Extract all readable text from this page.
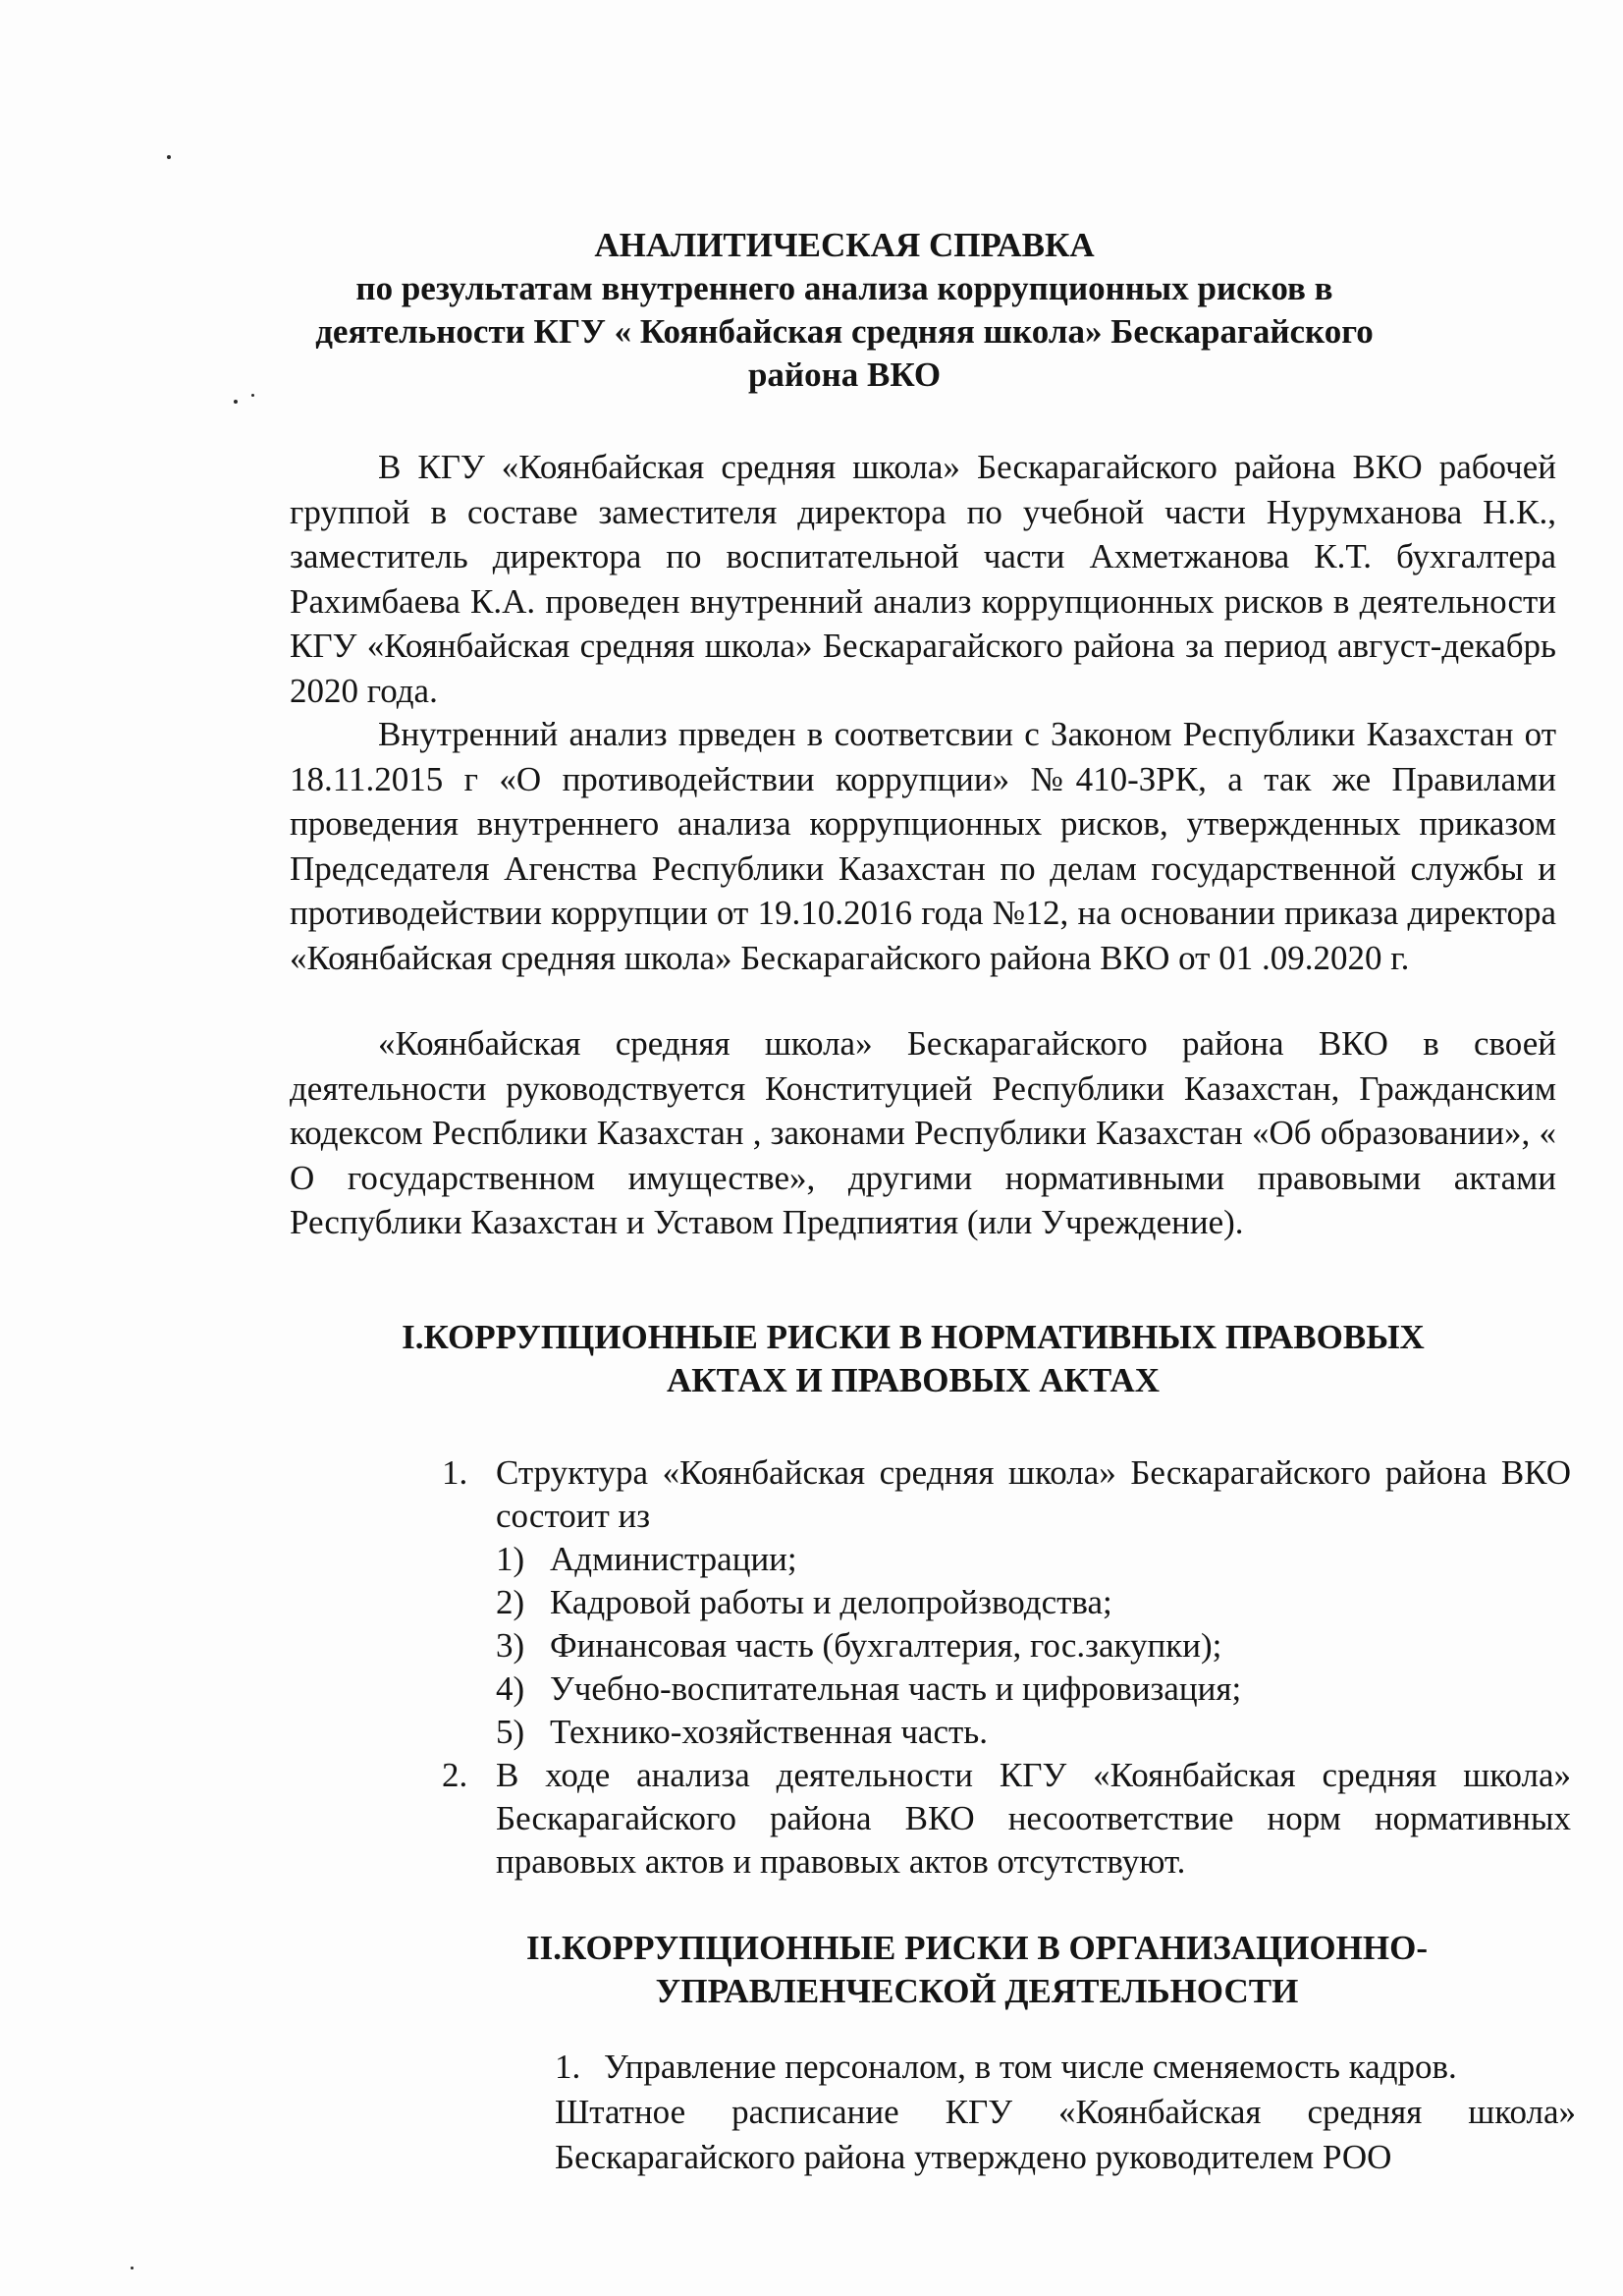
АНАЛИТИЧЕСКАЯ СПРАВКА
по результатам внутреннего анализа коррупционных рисков в
деятельности КГУ « Коянбайская средняя школа» Бескарагайского
района ВКО
В КГУ «Коянбайская средняя школа» Бескарагайского района ВКО рабочей группой в составе заместителя директора по учебной части Нурумханова Н.К., заместитель директора по воспитательной части Ахметжанова К.Т. бухгалтера Рахимбаева К.А. проведен внутренний анализ коррупционных рисков в деятельности КГУ «Коянбайская средняя школа» Бескарагайского района за период август-декабрь 2020 года.
Внутренний анализ прведен в соответсвии с Законом Республики Казахстан от 18.11.2015 г «О противодействии коррупции» №410-ЗРК, а так же Правилами проведения внутреннего анализа коррупционных рисков, утвержденных приказом Председателя Агенства Республики Казахстан по делам государственной службы и противодействии коррупции от 19.10.2016 года №12, на основании приказа директора «Коянбайская средняя школа» Бескарагайского района ВКО от 01 .09.2020 г.
«Коянбайская средняя школа» Бескарагайского района ВКО в своей деятельности руководствуется Конституцией Республики Казахстан, Гражданским кодексом Респблики Казахстан , законами Республики Казахстан «Об образовании», « О государственном имуществе», другими нормативными правовыми актами Республики Казахстан и Уставом Предпиятия (или Учреждение).
I.КОРРУПЦИОННЫЕ РИСКИ В НОРМАТИВНЫХ ПРАВОВЫХ
АКТАХ И ПРАВОВЫХ АКТАХ
1. Структура «Коянбайская средняя школа» Бескарагайского района ВКО состоит из
1) Администрации;
2) Кадровой работы и делопройзводства;
3) Финансовая часть (бухгалтерия, гос.закупки);
4) Учебно-воспитательная часть и цифровизация;
5) Технико-хозяйственная часть.
2. В ходе анализа деятельности КГУ «Коянбайская средняя школа» Бескарагайского района ВКО несоответствие норм нормативных правовых актов и правовых актов отсутствуют.
II.КОРРУПЦИОННЫЕ РИСКИ В ОРГАНИЗАЦИОННО-
УПРАВЛЕНЧЕСКОЙ ДЕЯТЕЛЬНОСТИ
1. Управление персоналом, в том числе сменяемость кадров.
Штатное расписание КГУ «Коянбайская средняя школа» Бескарагайского района утверждено руководителем РОО
